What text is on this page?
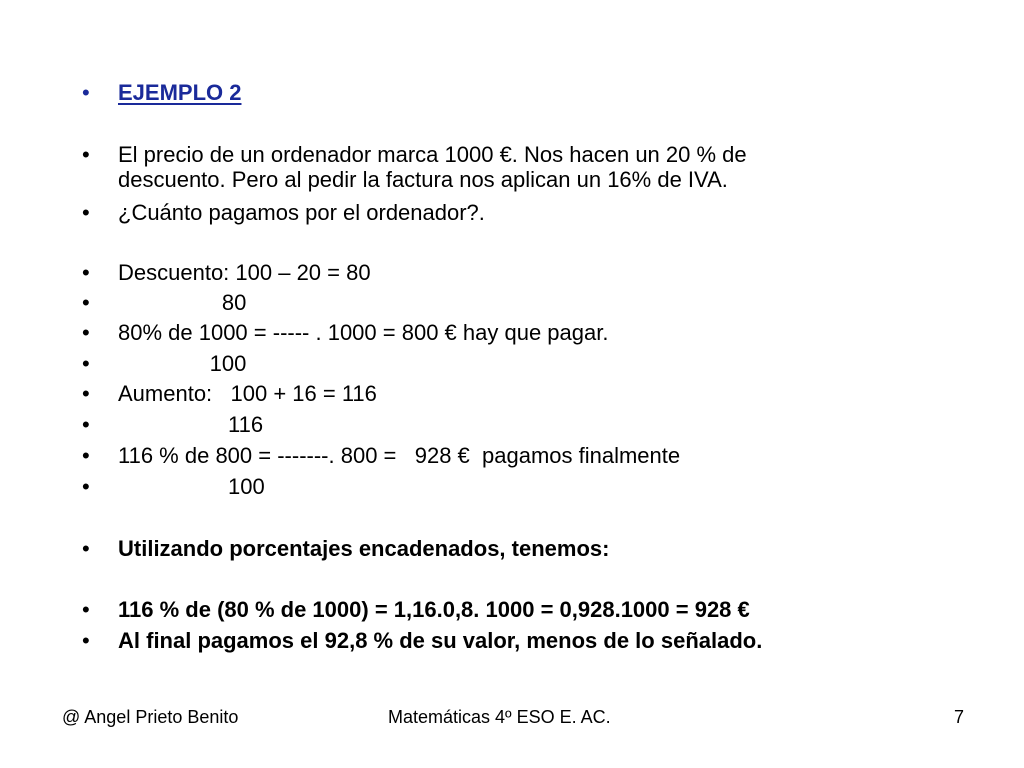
•	EJEMPLO 2
•	El precio de un ordenador marca 1000 €. Nos hacen un 20 % de
descuento. Pero al pedir la factura nos aplican un 16% de IVA.
•	¿Cuánto pagamos por el ordenador?.
•	Descuento: 100 – 20 = 80
•	80
•	80% de 1000 = ----- . 1000 = 800 € hay que pagar.
•	100
•	Aumento:   100 + 16 = 116
•	116
•	116 % de 800 = -------. 800 =   928 €  pagamos finalmente
•	100
•	Utilizando porcentajes encadenados, tenemos:
•	116 % de (80 % de 1000) = 1,16.0,8. 1000 = 0,928.1000 = 928 €
•	Al final pagamos el 92,8 % de su valor, menos de lo señalado.
@ Angel Prieto Benito	Matemáticas 4º ESO E. AC.	7
